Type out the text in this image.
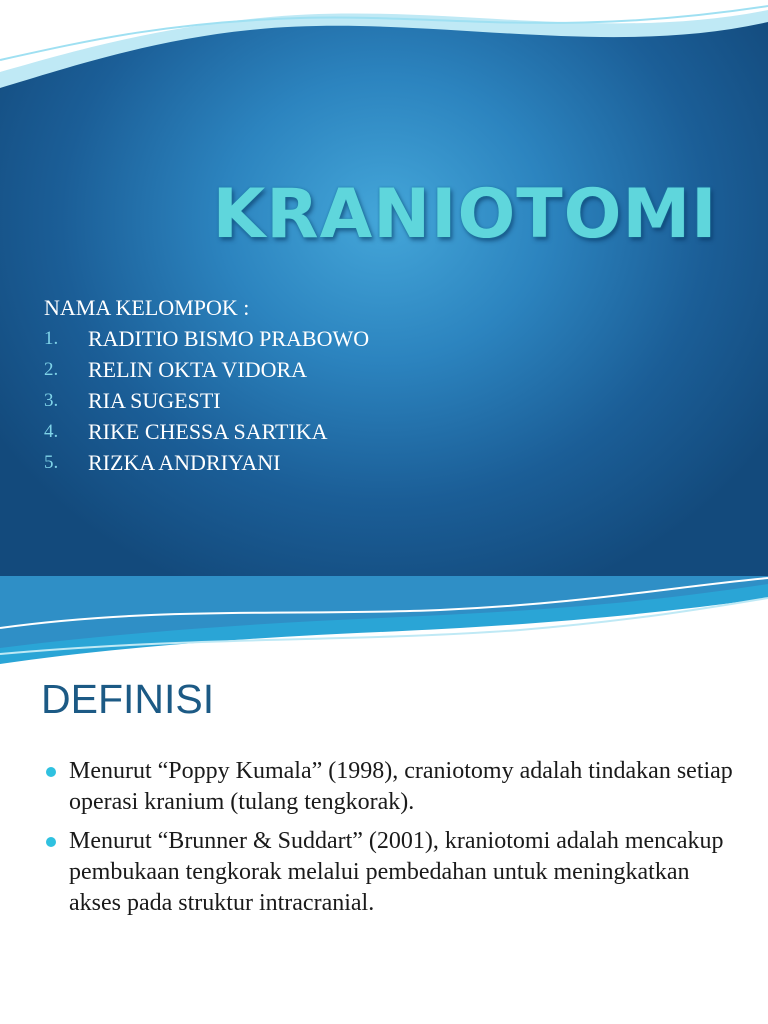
KRANIOTOMI
NAMA KELOMPOK :
1.	RADITIO BISMO PRABOWO
2.	RELIN OKTA VIDORA
3.	RIA SUGESTI
4.	RIKE CHESSA SARTIKA
5.	RIZKA ANDRIYANI
DEFINISI
Menurut “Poppy Kumala” (1998), craniotomy adalah tindakan setiap operasi kranium (tulang tengkorak).
Menurut “Brunner & Suddart” (2001), kraniotomi adalah mencakup pembukaan tengkorak melalui pembedahan untuk meningkatkan akses pada struktur intracranial.
